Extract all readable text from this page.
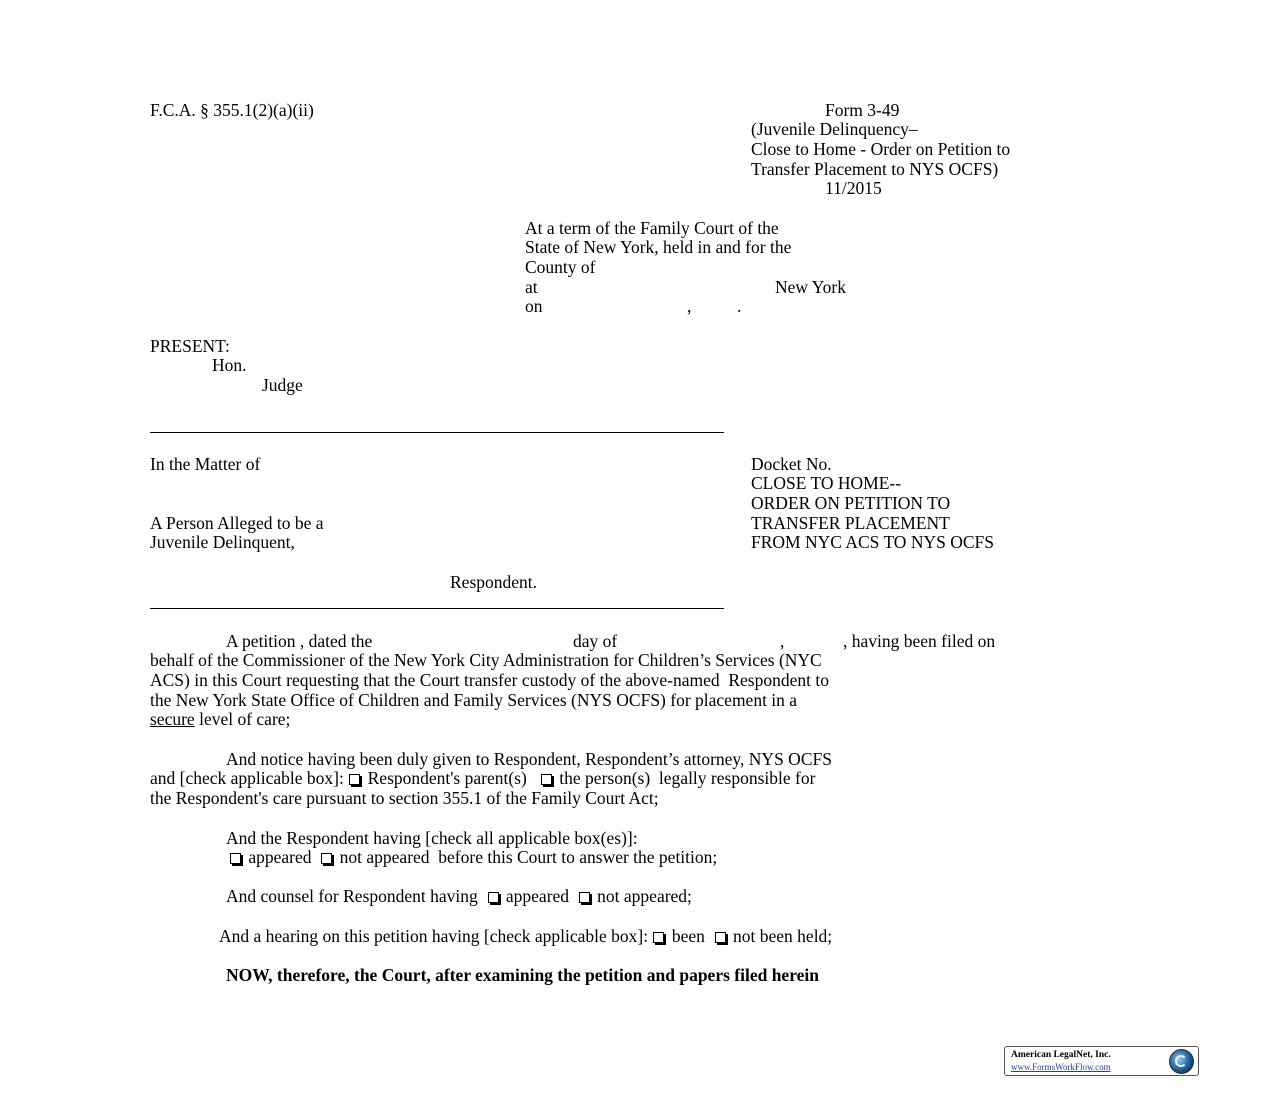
F.C.A. § 355.1(2)(a)(ii)	Form 3-49
(Juvenile Delinquency–
Close to Home - Order on Petition to
Transfer Placement to NYS OCFS)
11/2015
At a term of the Family Court of the
State of New York, held in and for the
County of
at	New York
on	,	.
PRESENT:
Hon.
Judge
In the Matter of
A Person Alleged to be a
Juvenile Delinquent,
Respondent.
Docket No.
CLOSE TO HOME--
ORDER ON PETITION TO
TRANSFER PLACEMENT
FROM NYC ACS TO NYS OCFS
A petition , dated the	day of	,	, having been filed on
behalf of the Commissioner of the New York City Administration for Children’s Services (NYC
ACS) in this Court requesting that the Court transfer custody of the above-named  Respondent to
the New York State Office of Children and Family Services (NYS OCFS) for placement in a
secure level of care;
And notice having been duly given to Respondent, Respondent’s attorney, NYS OCFS
and [check applicable box]:  Respondent's parent(s) the person(s)  legally responsible for
the Respondent's care pursuant to section 355.1 of the Family Court Act;
And the Respondent having [check all applicable box(es)]:
appeared not appeared  before this Court to answer the petition;
And counsel for Respondent having   appeared not appeared;
And a hearing on this petition having [check applicable box]:  been not been held;
NOW, therefore, the Court, after examining the petition and papers filed herein
American LegalNet, Inc.
www.FormsWorkFlow.com
